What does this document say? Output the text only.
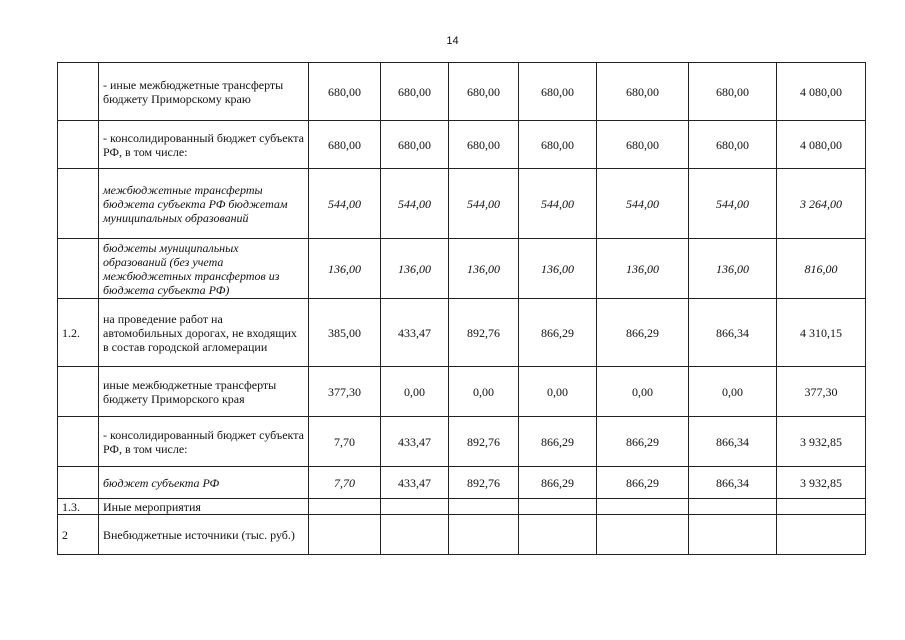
14
	- иные межбюджетные трансферты бюджету Приморскому краю	680,00	680,00	680,00	680,00	680,00	680,00	4 080,00
	- консолидированный бюджет субъекта РФ, в том числе:	680,00	680,00	680,00	680,00	680,00	680,00	4 080,00
	межбюджетные трансферты бюджета субъекта РФ бюджетам муниципальных образований	544,00	544,00	544,00	544,00	544,00	544,00	3 264,00
	бюджеты муниципальных образований (без учета межбюджетных трансфертов из бюджета субъекта РФ)	136,00	136,00	136,00	136,00	136,00	136,00	816,00
1.2.	на проведение работ на автомобильных дорогах, не входящих в состав городской агломерации	385,00	433,47	892,76	866,29	866,29	866,34	4 310,15
	иные межбюджетные трансферты бюджету Приморского края	377,30	0,00	0,00	0,00	0,00	0,00	377,30
	- консолидированный бюджет субъекта РФ, в том числе:	7,70	433,47	892,76	866,29	866,29	866,34	3 932,85
	бюджет субъекта РФ	7,70	433,47	892,76	866,29	866,29	866,34	3 932,85
1.3.	Иные мероприятия							
2	Внебюджетные источники (тыс. руб.)							
